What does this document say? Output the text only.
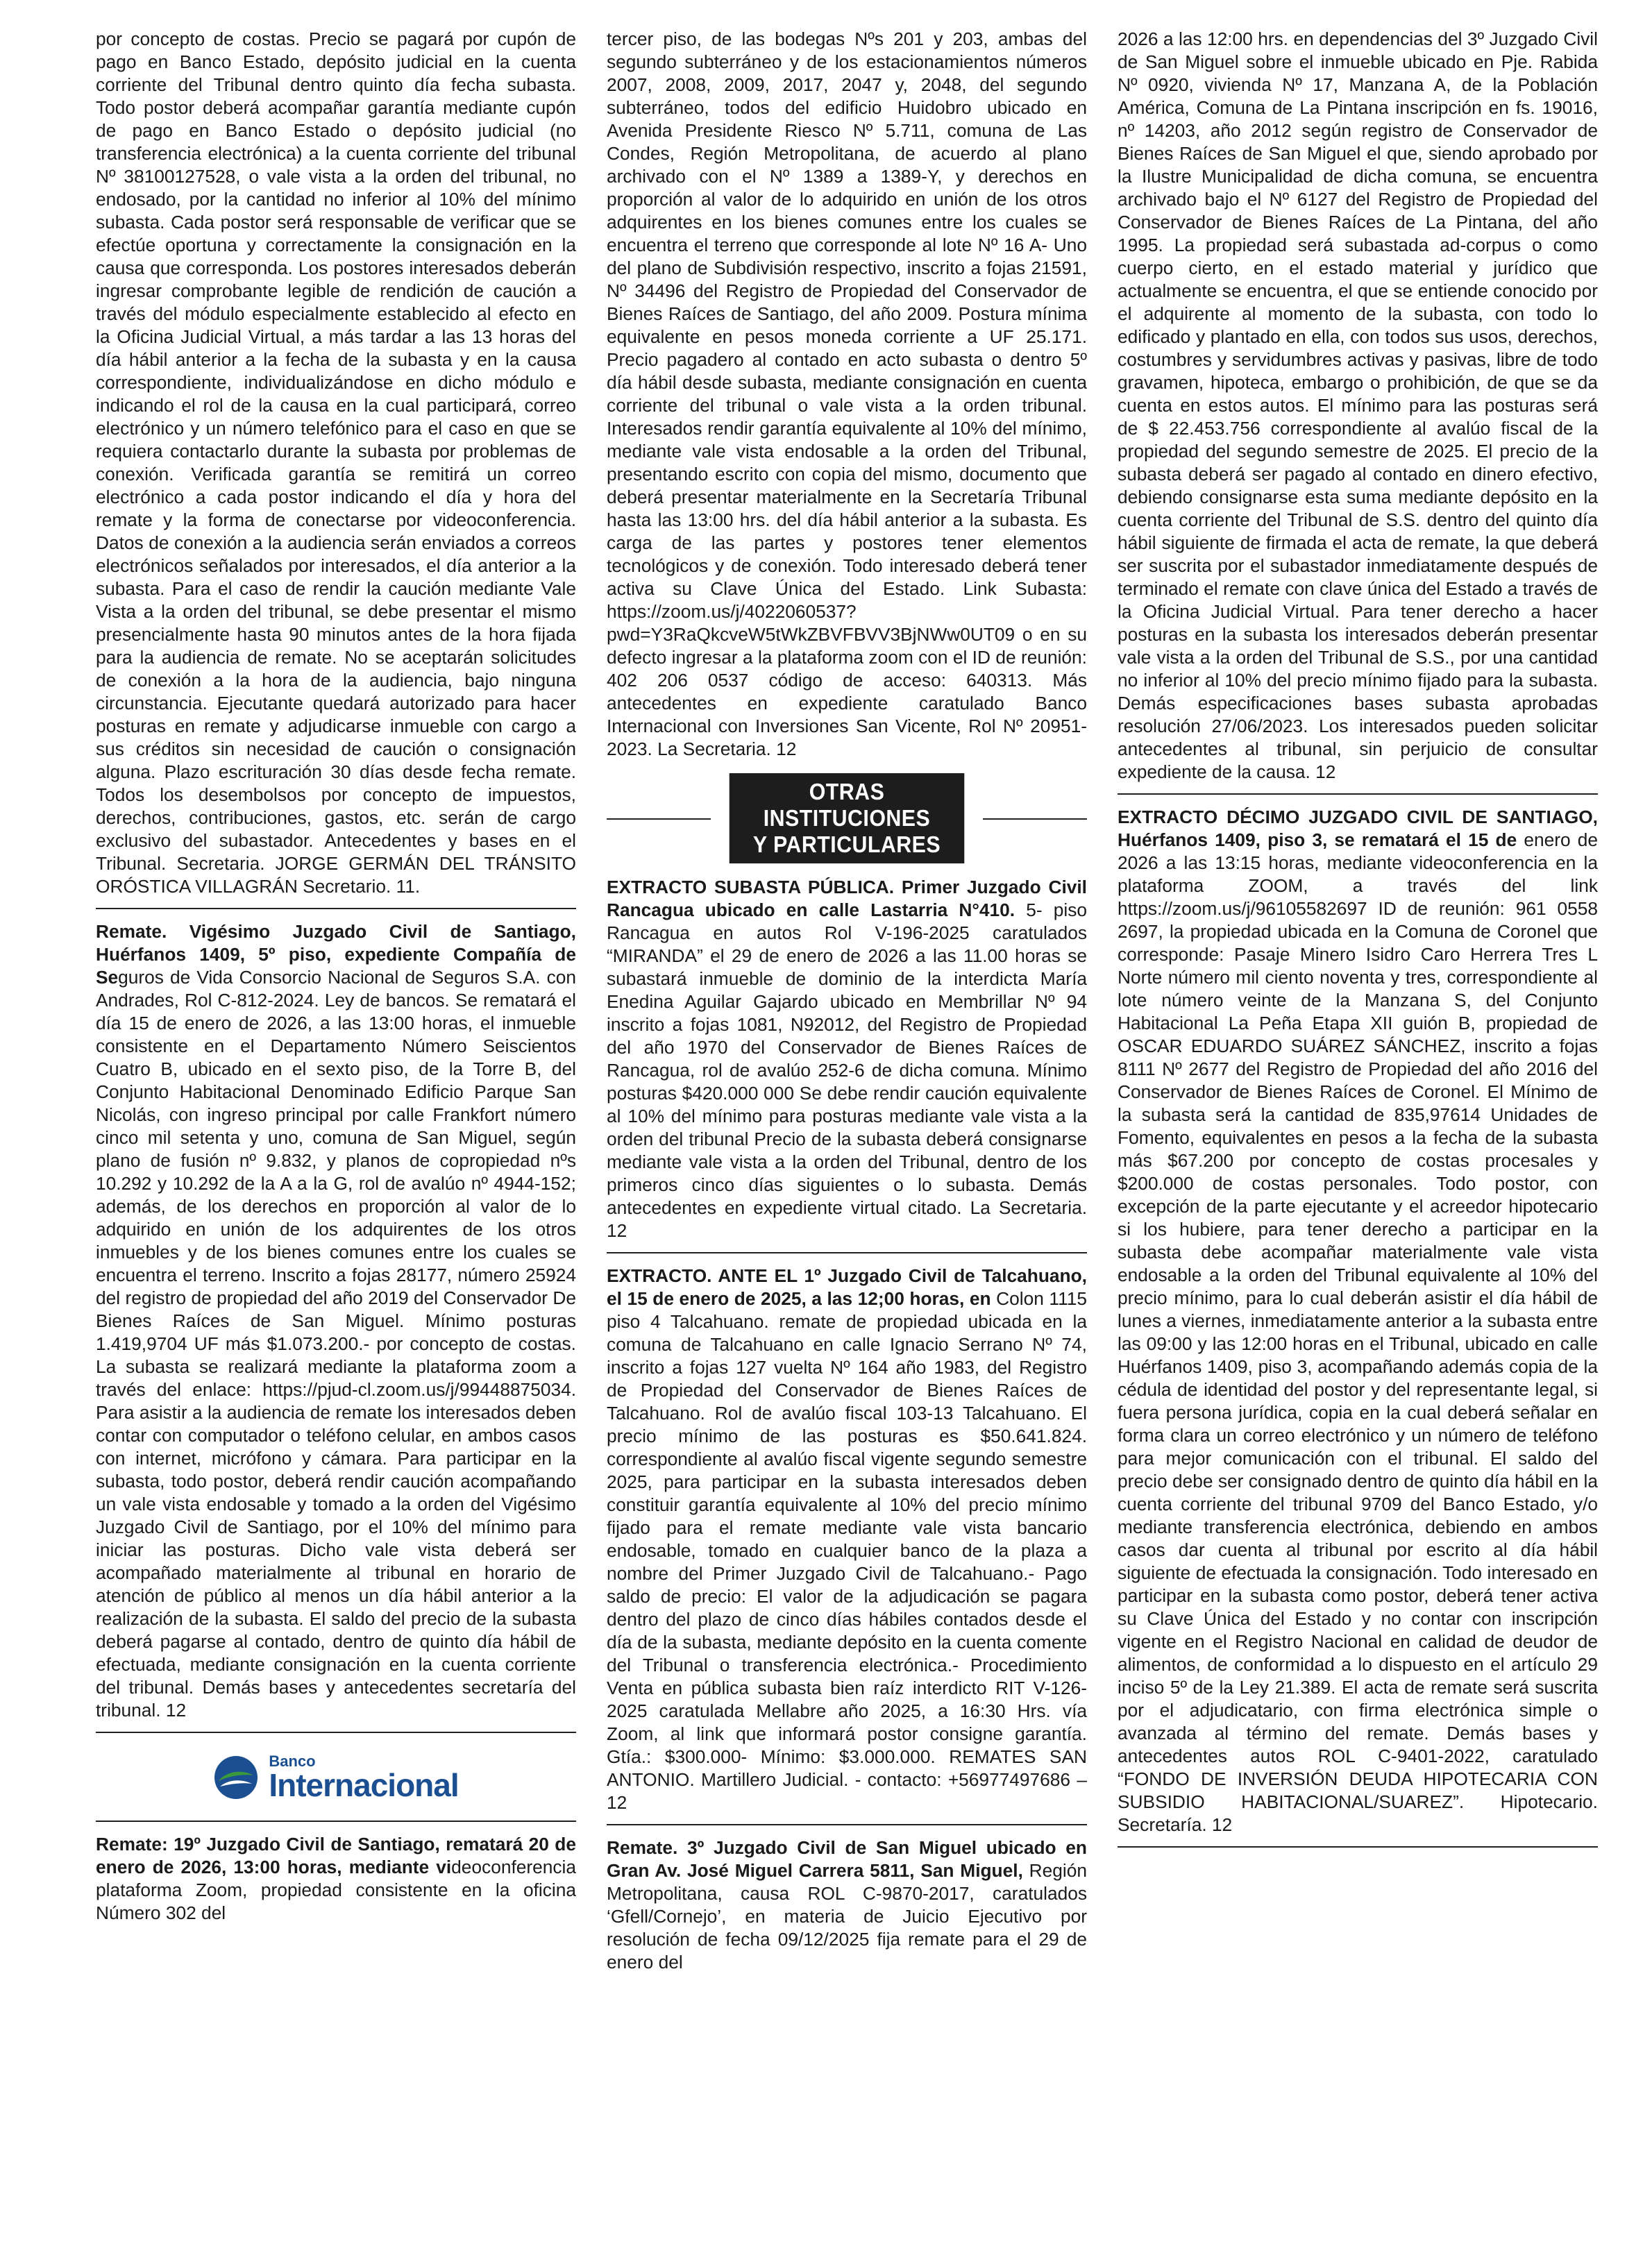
por concepto de costas. Precio se pagará por cupón de pago en Banco Estado, depósito judicial en la cuenta corriente del Tribunal dentro quinto día fecha subasta. Todo postor deberá acompañar garantía mediante cupón de pago en Banco Estado o depósito judicial (no transferencia electrónica) a la cuenta corriente del tribunal Nº 38100127528, o vale vista a la orden del tribunal, no endosado, por la cantidad no inferior al 10% del mínimo subasta. Cada postor será responsable de verificar que se efectúe oportuna y correctamente la consignación en la causa que corresponda. Los postores interesados deberán ingresar comprobante legible de rendición de caución a través del módulo especialmente establecido al efecto en la Oficina Judicial Virtual, a más tardar a las 13 horas del día hábil anterior a la fecha de la subasta y en la causa correspondiente, individualizándose en dicho módulo e indicando el rol de la causa en la cual participará, correo electrónico y un número telefónico para el caso en que se requiera contactarlo durante la subasta por problemas de conexión. Verificada garantía se remitirá un correo electrónico a cada postor indicando el día y hora del remate y la forma de conectarse por videoconferencia. Datos de conexión a la audiencia serán enviados a correos electrónicos señalados por interesados, el día anterior a la subasta. Para el caso de rendir la caución mediante Vale Vista a la orden del tribunal, se debe presentar el mismo presencialmente hasta 90 minutos antes de la hora fijada para la audiencia de remate. No se aceptarán solicitudes de conexión a la hora de la audiencia, bajo ninguna circunstancia. Ejecutante quedará autorizado para hacer posturas en remate y adjudicarse inmueble con cargo a sus créditos sin necesidad de caución o consignación alguna. Plazo escrituración 30 días desde fecha remate. Todos los desembolsos por concepto de impuestos, derechos, contribuciones, gastos, etc. serán de cargo exclusivo del subastador. Antecedentes y bases en el Tribunal. Secretaria. JORGE GERMÁN DEL TRÁNSITO ORÓSTICA VILLAGRÁN Secretario. 11.

Remate. Vigésimo Juzgado Civil de Santiago, Huérfanos 1409, 5º piso, expediente Compañía de Seguros de Vida Consorcio Nacional de Seguros S.A. con Andrades, Rol C-812-2024. Ley de bancos. Se rematará el día 15 de enero de 2026, a las 13:00 horas, el inmueble consistente en el Departamento Número Seiscientos Cuatro B, ubicado en el sexto piso, de la Torre B, del Conjunto Habitacional Denominado Edificio Parque San Nicolás, con ingreso principal por calle Frankfort número cinco mil setenta y uno, comuna de San Miguel, según plano de fusión nº 9.832, y planos de copropiedad nºs 10.292 y 10.292 de la A a la G, rol de avalúo nº 4944-152; además, de los derechos en proporción al valor de lo adquirido en unión de los adquirentes de los otros inmuebles y de los bienes comunes entre los cuales se encuentra el terreno. Inscrito a fojas 28177, número 25924 del registro de propiedad del año 2019 del Conservador De Bienes Raíces de San Miguel. Mínimo posturas 1.419,9704 UF más $1.073.200.- por concepto de costas. La subasta se realizará mediante la plataforma zoom a través del enlace: https://pjud-cl.zoom.us/j/99448875034. Para asistir a la audiencia de remate los interesados deben contar con computador o teléfono celular, en ambos casos con internet, micrófono y cámara. Para participar en la subasta, todo postor, deberá rendir caución acompañando un vale vista endosable y tomado a la orden del Vigésimo Juzgado Civil de Santiago, por el 10% del mínimo para iniciar las posturas. Dicho vale vista deberá ser acompañado materialmente al tribunal en horario de atención de público al menos un día hábil anterior a la realización de la subasta. El saldo del precio de la subasta deberá pagarse al contado, dentro de quinto día hábil de efectuada, mediante consignación en la cuenta corriente del tribunal. Demás bases y antecedentes secretaría del tribunal. 12

Banco
Internacional

Remate: 19º Juzgado Civil de Santiago, rematará 20 de enero de 2026, 13:00 horas, mediante videoconferencia plataforma Zoom, propiedad consistente en la oficina Número 302 del

tercer piso, de las bodegas Nºs 201 y 203, ambas del segundo subterráneo y de los estacionamientos números 2007, 2008, 2009, 2017, 2047 y, 2048, del segundo subterráneo, todos del edificio Huidobro ubicado en Avenida Presidente Riesco Nº 5.711, comuna de Las Condes, Región Metropolitana, de acuerdo al plano archivado con el Nº 1389 a 1389-Y, y derechos en proporción al valor de lo adquirido en unión de los otros adquirentes en los bienes comunes entre los cuales se encuentra el terreno que corresponde al lote Nº 16 A- Uno del plano de Subdivisión respectivo, inscrito a fojas 21591, Nº 34496 del Registro de Propiedad del Conservador de Bienes Raíces de Santiago, del año 2009. Postura mínima equivalente en pesos moneda corriente a UF 25.171. Precio pagadero al contado en acto subasta o dentro 5º día hábil desde subasta, mediante consignación en cuenta corriente del tribunal o vale vista a la orden tribunal. Interesados rendir garantía equivalente al 10% del mínimo, mediante vale vista endosable a la orden del Tribunal, presentando escrito con copia del mismo, documento que deberá presentar materialmente en la Secretaría Tribunal hasta las 13:00 hrs. del día hábil anterior a la subasta. Es carga de las partes y postores tener elementos tecnológicos y de conexión. Todo interesado deberá tener activa su Clave Única del Estado. Link Subasta: https://zoom.us/j/4022060537?pwd=Y3RaQkcveW5tWkZBVFBVV3BjNWw0UT09 o en su defecto ingresar a la plataforma zoom con el ID de reunión: 402 206 0537 código de acceso: 640313. Más antecedentes en expediente caratulado Banco Internacional con Inversiones San Vicente, Rol Nº 20951-2023. La Secretaria. 12

OTRAS INSTITUCIONES
Y PARTICULARES

EXTRACTO SUBASTA PÚBLICA. Primer Juzgado Civil Rancagua ubicado en calle Lastarria N°410. 5- piso Rancagua en autos Rol V-196-2025 caratulados “MIRANDA” el 29 de enero de 2026 a las 11.00 horas se subastará inmueble de dominio de la interdicta María Enedina Aguilar Gajardo ubicado en Membrillar Nº 94 inscrito a fojas 1081, N92012, del Registro de Propiedad del año 1970 del Conservador de Bienes Raíces de Rancagua, rol de avalúo 252-6 de dicha comuna. Mínimo posturas $420.000 000 Se debe rendir caución equivalente al 10% del mínimo para posturas mediante vale vista a la orden del tribunal Precio de la subasta deberá consignarse mediante vale vista a la orden del Tribunal, dentro de los primeros cinco días siguientes o lo subasta. Demás antecedentes en expediente virtual citado. La Secretaria. 12

EXTRACTO. ANTE EL 1º Juzgado Civil de Talcahuano, el 15 de enero de 2025, a las 12;00 horas, en Colon 1115 piso 4 Talcahuano. remate de propiedad ubicada en la comuna de Talcahuano en calle Ignacio Serrano Nº 74, inscrito a fojas 127 vuelta Nº 164 año 1983, del Registro de Propiedad del Conservador de Bienes Raíces de Talcahuano. Rol de avalúo fiscal 103-13 Talcahuano. El precio mínimo de las posturas es $50.641.824. correspondiente al avalúo fiscal vigente segundo semestre 2025, para participar en la subasta interesados deben constituir garantía equivalente al 10% del precio mínimo fijado para el remate mediante vale vista bancario endosable, tomado en cualquier banco de la plaza a nombre del Primer Juzgado Civil de Talcahuano.- Pago saldo de precio: El valor de la adjudicación se pagara dentro del plazo de cinco días hábiles contados desde el día de la subasta, mediante depósito en la cuenta comente del Tribunal o transferencia electrónica.- Procedimiento Venta en pública subasta bien raíz interdicto RIT V-126-2025 caratulada Mellabre año 2025, a 16:30 Hrs. vía Zoom, al link que informará postor consigne garantía. Gtía.: $300.000- Mínimo: $3.000.000. REMATES SAN ANTONIO. Martillero Judicial. - contacto: +56977497686 – 12

Remate. 3º Juzgado Civil de San Miguel ubicado en Gran Av. José Miguel Carrera 5811, San Miguel, Región Metropolitana, causa ROL C-9870-2017, caratulados ‘Gfell/Cornejo’, en materia de Juicio Ejecutivo por resolución de fecha 09/12/2025 fija remate para el 29 de enero del

2026 a las 12:00 hrs. en dependencias del 3º Juzgado Civil de San Miguel sobre el inmueble ubicado en Pje. Rabida Nº 0920, vivienda Nº 17, Manzana A, de la Población América, Comuna de La Pintana inscripción en fs. 19016, nº 14203, año 2012 según registro de Conservador de Bienes Raíces de San Miguel el que, siendo aprobado por la Ilustre Municipalidad de dicha comuna, se encuentra archivado bajo el Nº 6127 del Registro de Propiedad del Conservador de Bienes Raíces de La Pintana, del año 1995. La propiedad será subastada ad-corpus o como cuerpo cierto, en el estado material y jurídico que actualmente se encuentra, el que se entiende conocido por el adquirente al momento de la subasta, con todo lo edificado y plantado en ella, con todos sus usos, derechos, costumbres y servidumbres activas y pasivas, libre de todo gravamen, hipoteca, embargo o prohibición, de que se da cuenta en estos autos. El mínimo para las posturas será de $ 22.453.756 correspondiente al avalúo fiscal de la propiedad del segundo semestre de 2025. El precio de la subasta deberá ser pagado al contado en dinero efectivo, debiendo consignarse esta suma mediante depósito en la cuenta corriente del Tribunal de S.S. dentro del quinto día hábil siguiente de firmada el acta de remate, la que deberá ser suscrita por el subastador inmediatamente después de terminado el remate con clave única del Estado a través de la Oficina Judicial Virtual. Para tener derecho a hacer posturas en la subasta los interesados deberán presentar vale vista a la orden del Tribunal de S.S., por una cantidad no inferior al 10% del precio mínimo fijado para la subasta. Demás especificaciones bases subasta aprobadas resolución 27/06/2023. Los interesados pueden solicitar antecedentes al tribunal, sin perjuicio de consultar expediente de la causa. 12

EXTRACTO DÉCIMO JUZGADO CIVIL DE SANTIAGO, Huérfanos 1409, piso 3, se rematará el 15 de enero de 2026 a las 13:15 horas, mediante videoconferencia en la plataforma ZOOM, a través del link https://zoom.us/j/96105582697 ID de reunión: 961 0558 2697, la propiedad ubicada en la Comuna de Coronel que corresponde: Pasaje Minero Isidro Caro Herrera Tres L Norte número mil ciento noventa y tres, correspondiente al lote número veinte de la Manzana S, del Conjunto Habitacional La Peña Etapa XII guión B, propiedad de OSCAR EDUARDO SUÁREZ SÁNCHEZ, inscrito a fojas 8111 Nº 2677 del Registro de Propiedad del año 2016 del Conservador de Bienes Raíces de Coronel. El Mínimo de la subasta será la cantidad de 835,97614 Unidades de Fomento, equivalentes en pesos a la fecha de la subasta más $67.200 por concepto de costas procesales y $200.000 de costas personales. Todo postor, con excepción de la parte ejecutante y el acreedor hipotecario si los hubiere, para tener derecho a participar en la subasta debe acompañar materialmente vale vista endosable a la orden del Tribunal equivalente al 10% del precio mínimo, para lo cual deberán asistir el día hábil de lunes a viernes, inmediatamente anterior a la subasta entre las 09:00 y las 12:00 horas en el Tribunal, ubicado en calle Huérfanos 1409, piso 3, acompañando además copia de la cédula de identidad del postor y del representante legal, si fuera persona jurídica, copia en la cual deberá señalar en forma clara un correo electrónico y un número de teléfono para mejor comunicación con el tribunal. El saldo del precio debe ser consignado dentro de quinto día hábil en la cuenta corriente del tribunal 9709 del Banco Estado, y/o mediante transferencia electrónica, debiendo en ambos casos dar cuenta al tribunal por escrito al día hábil siguiente de efectuada la consignación. Todo interesado en participar en la subasta como postor, deberá tener activa su Clave Única del Estado y no contar con inscripción vigente en el Registro Nacional en calidad de deudor de alimentos, de conformidad a lo dispuesto en el artículo 29 inciso 5º de la Ley 21.389. El acta de remate será suscrita por el adjudicatario, con firma electrónica simple o avanzada al término del remate. Demás bases y antecedentes autos ROL C-9401-2022, caratulado “FONDO DE INVERSIÓN DEUDA HIPOTECARIA CON SUBSIDIO HABITACIONAL/SUAREZ”. Hipotecario. Secretaría. 12
